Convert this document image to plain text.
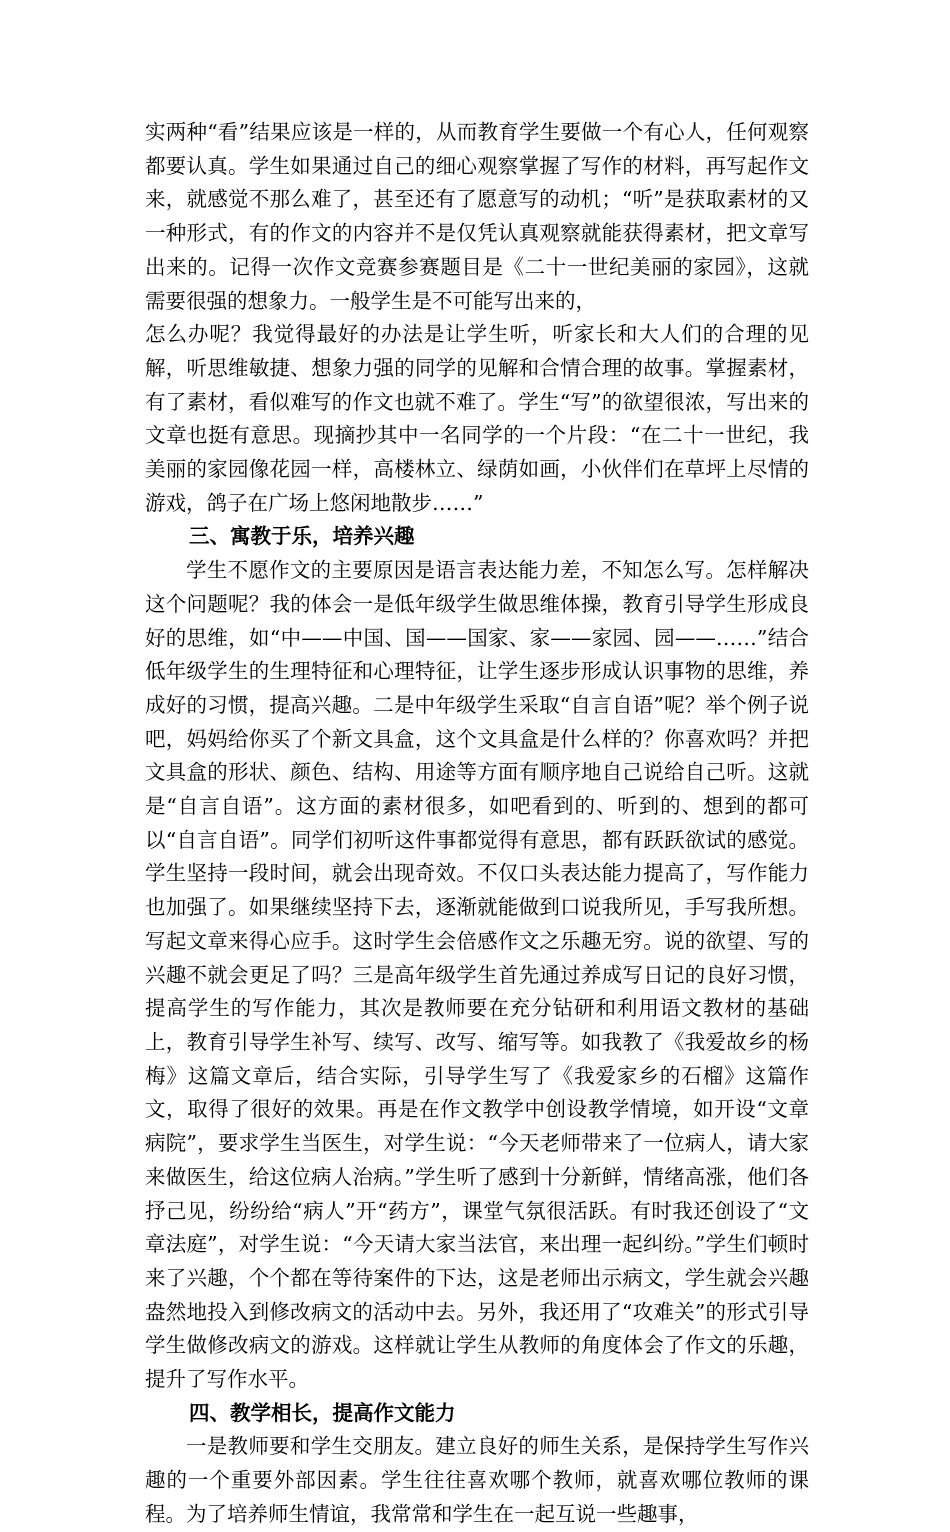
实两种“看”结果应该是一样的，从而教育学生要做一个有心人，任何观察都要认真。学生如果通过自己的细心观察掌握了写作的材料，再写起作文来，就感觉不那么难了，甚至还有了愿意写的动机；“听”是获取素材的又一种形式，有的作文的内容并不是仅凭认真观察就能获得素材，把文章写出来的。记得一次作文竞赛参赛题目是《二十一世纪美丽的家园》，这就需要很强的想象力。一般学生是不可能写出来的，

怎么办呢？我觉得最好的办法是让学生听，听家长和大人们的合理的见解，听思维敏捷、想象力强的同学的见解和合情合理的故事。掌握素材，有了素材，看似难写的作文也就不难了。学生“写”的欲望很浓，写出来的文章也挺有意思。现摘抄其中一名同学的一个片段：“在二十一世纪，我美丽的家园像花园一样，高楼林立、绿荫如画，小伙伴们在草坪上尽情的游戏，鸽子在广场上悠闲地散步……”

三、寓教于乐，培养兴趣

学生不愿作文的主要原因是语言表达能力差，不知怎么写。怎样解决这个问题呢？我的体会一是低年级学生做思维体操，教育引导学生形成良好的思维，如“中——中国、国——国家、家——家园、园——……”结合低年级学生的生理特征和心理特征，让学生逐步形成认识事物的思维，养成好的习惯，提高兴趣。二是中年级学生采取“自言自语”呢？举个例子说吧，妈妈给你买了个新文具盒，这个文具盒是什么样的？你喜欢吗？并把文具盒的形状、颜色、结构、用途等方面有顺序地自己说给自己听。这就是“自言自语”。这方面的素材很多，如吧看到的、听到的、想到的都可以“自言自语”。同学们初听这件事都觉得有意思，都有跃跃欲试的感觉。学生坚持一段时间，就会出现奇效。不仅口头表达能力提高了，写作能力也加强了。如果继续坚持下去，逐渐就能做到口说我所见，手写我所想。写起文章来得心应手。这时学生会倍感作文之乐趣无穷。说的欲望、写的兴趣不就会更足了吗？三是高年级学生首先通过养成写日记的良好习惯，提高学生的写作能力，其次是教师要在充分钻研和利用语文教材的基础上，教育引导学生补写、续写、改写、缩写等。如我教了《我爱故乡的杨梅》这篇文章后，结合实际，引导学生写了《我爱家乡的石榴》这篇作文，取得了很好的效果。再是在作文教学中创设教学情境，如开设“文章病院”，要求学生当医生，对学生说：“今天老师带来了一位病人，请大家来做医生，给这位病人治病。”学生听了感到十分新鲜，情绪高涨，他们各抒己见，纷纷给“病人”开“药方”，课堂气氛很活跃。有时我还创设了“文章法庭”，对学生说：“今天请大家当法官，来出理一起纠纷。”学生们顿时来了兴趣，个个都在等待案件的下达，这是老师出示病文，学生就会兴趣盎然地投入到修改病文的活动中去。另外，我还用了“攻难关”的形式引导学生做修改病文的游戏。这样就让学生从教师的角度体会了作文的乐趣，提升了写作水平。

四、教学相长，提高作文能力

一是教师要和学生交朋友。建立良好的师生关系，是保持学生写作兴趣的一个重要外部因素。学生往往喜欢哪个教师，就喜欢哪位教师的课程。为了培养师生情谊，我常常和学生在一起互说一些趣事，
